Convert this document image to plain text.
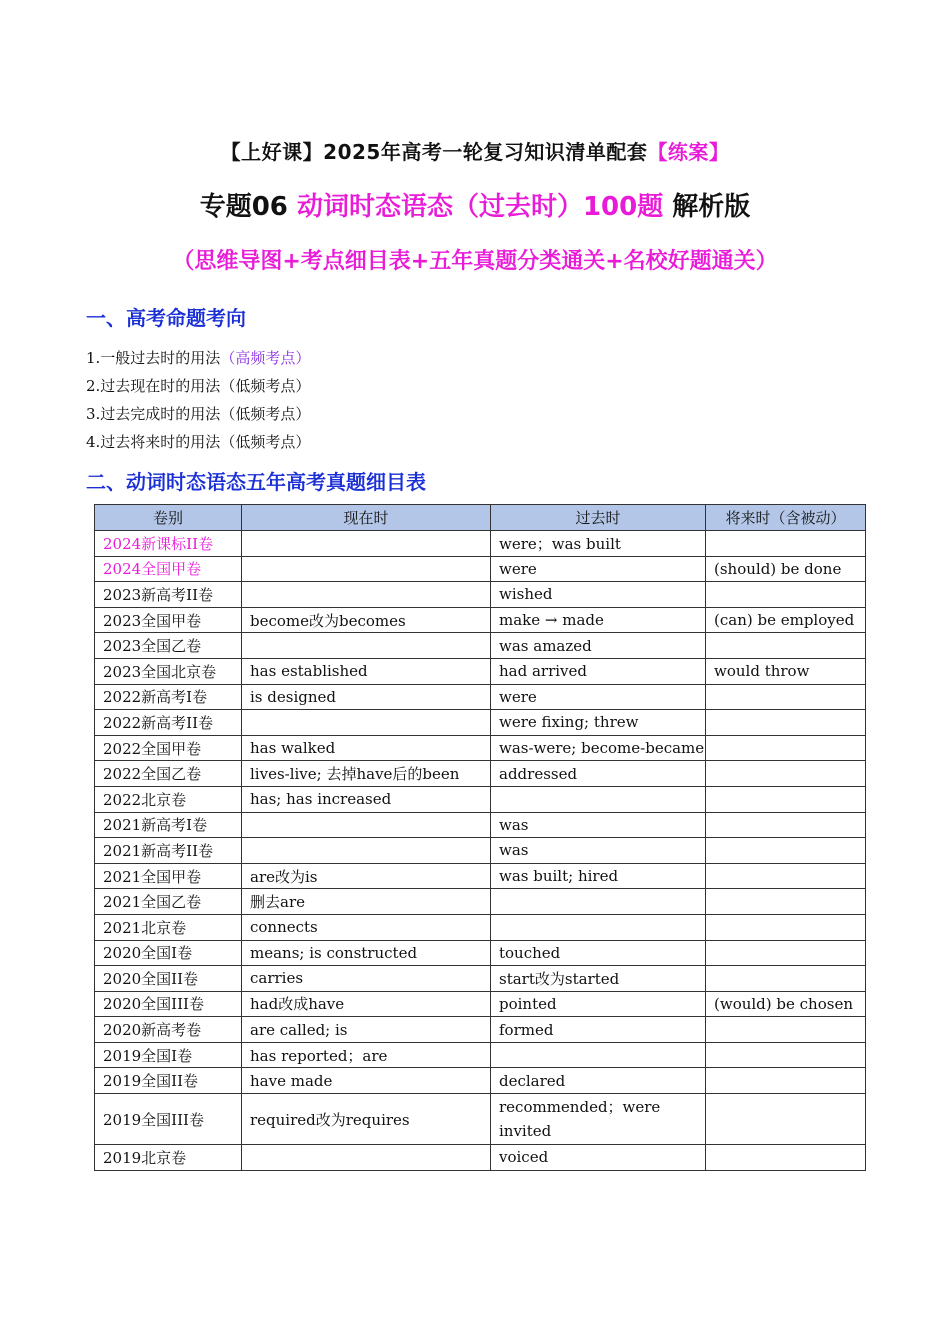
【上好课】2025年高考一轮复习知识清单配套【练案】
专题06 动词时态语态（过去时）100题 解析版
（思维导图+考点细目表+五年真题分类通关+名校好题通关）
一、高考命题考向
1.一般过去时的用法（高频考点）
2.过去现在时的用法（低频考点）
3.过去完成时的用法（低频考点）
4.过去将来时的用法（低频考点）
二、动词时态语态五年高考真题细目表
卷别	现在时	过去时	将来时（含被动）
2024新课标II卷		were；was built	
2024全国甲卷		were	(should) be done
2023新高考II卷		wished	
2023全国甲卷	become改为becomes	make → made	(can) be employed
2023全国乙卷		was amazed	
2023全国北京卷	has established	had arrived	would throw
2022新高考I卷	is designed	were	
2022新高考II卷		were fixing; threw	
2022全国甲卷	has walked	was-were; become-became	
2022全国乙卷	lives-live; 去掉have后的been	addressed	
2022北京卷	has; has increased		
2021新高考I卷		was	
2021新高考II卷		was	
2021全国甲卷	are改为is	was built; hired	
2021全国乙卷	删去are		
2021北京卷	connects		
2020全国I卷	means; is constructed	touched	
2020全国II卷	carries	start改为started	
2020全国III卷	had改成have	pointed	(would) be chosen
2020新高考卷	are called; is	formed	
2019全国I卷	has reported；are		
2019全国II卷	have made	declared	
2019全国III卷	required改为requires	recommended；were invited	
2019北京卷		voiced	
